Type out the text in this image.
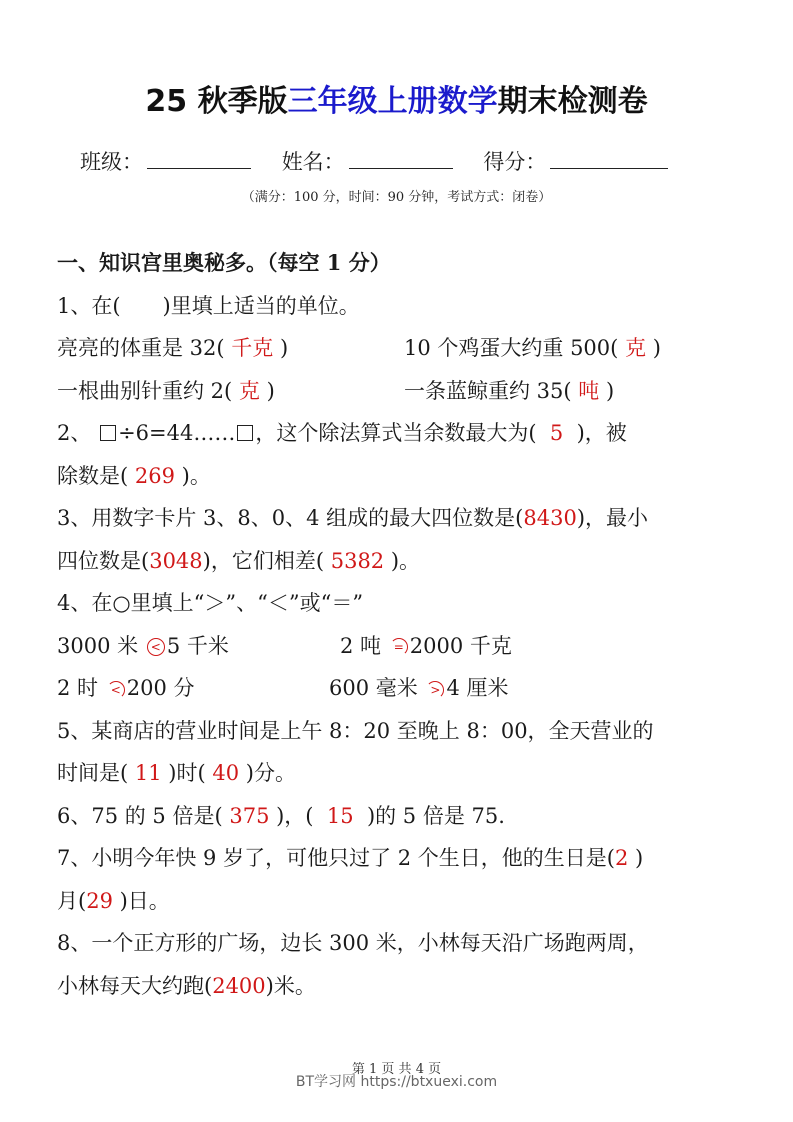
25 秋季版三年级上册数学期末检测卷
班级：	姓名：	得分：
（满分：100 分，时间：90 分钟，考试方式：闭卷）
一、知识宫里奥秘多。（每空 1 分）
1、在(　　)里填上适当的单位。
亮亮的体重是 32( 千克 )	10 个鸡蛋大约重 500( 克 )
一根曲别针重约 2( 克 )	一条蓝鲸重约 35( 吨 )
2、 ÷6=44…… ，这个除法算式当余数最大为(  5  )，被
除数是( 269 )。
3、用数字卡片 3、8、0、4 组成的最大四位数是(8430)，最小
四位数是(3048)，它们相差( 5382 )。
4、在○里填上“＞”、“＜”或“＝”
3000 米 < 5 千米	2 吨 = 2000 千克
2 时 < 200 分	600 毫米 > 4 厘米
5、某商店的营业时间是上午 8：20 至晚上 8：00，全天营业的
时间是( 11 )时( 40 )分。
6、75 的 5 倍是( 375 )，(  15  )的 5 倍是 75.
7、小明今年快 9 岁了，可他只过了 2 个生日，他的生日是(2 )
月(29 )日。
8、一个正方形的广场，边长 300 米，小林每天沿广场跑两周，
小林每天大约跑(2400)米。
第 1 页 共 4 页
BT学习网 https://btxuexi.com
